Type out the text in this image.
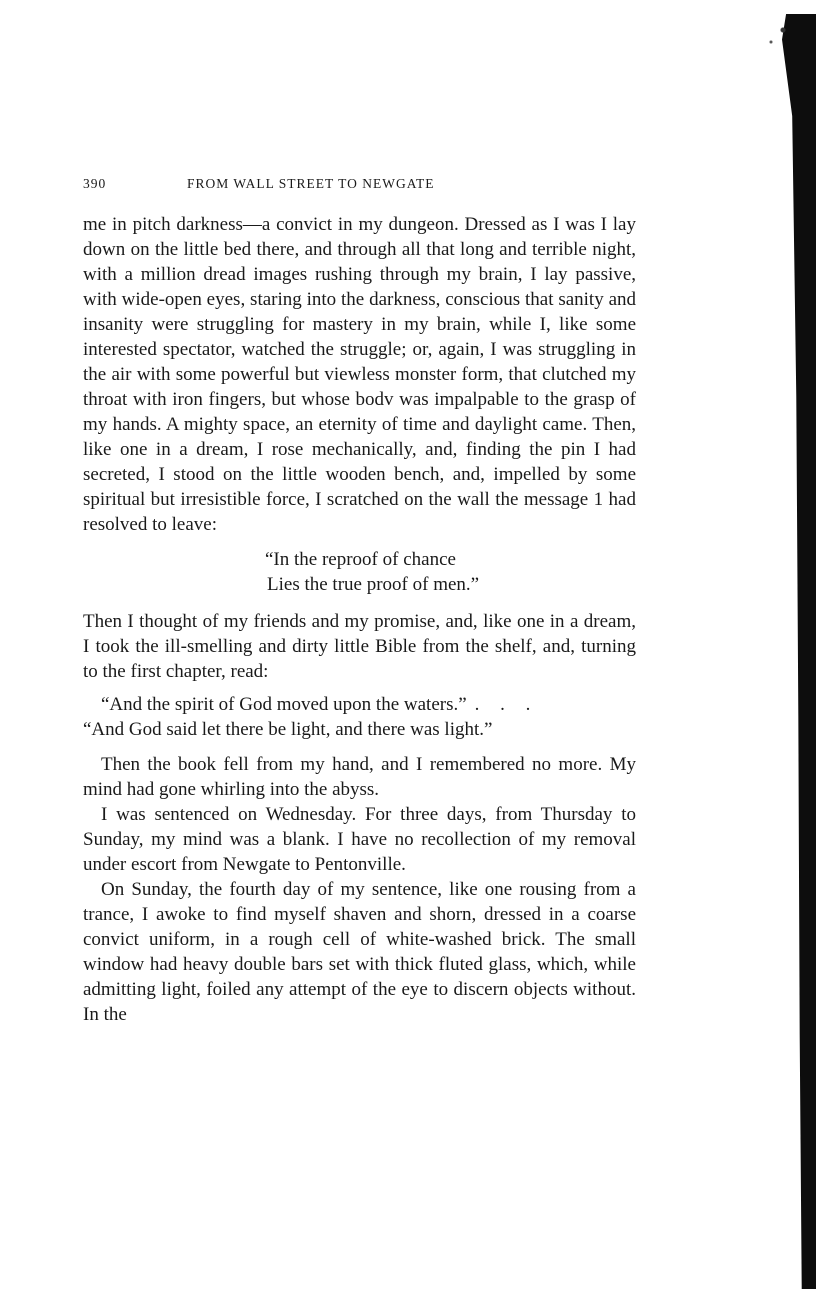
390	FROM WALL STREET TO NEWGATE

me in pitch darkness—a convict in my dungeon. Dressed as I was I lay down on the little bed there, and through all that long and terrible night, with a million dread images rushing through my brain, I lay passive, with wide-open eyes, staring into the darkness, conscious that sanity and insanity were struggling for mastery in my brain, while I, like some interested spectator, watched the struggle; or, again, I was struggling in the air with some powerful but viewless monster form, that clutched my throat with iron fingers, but whose bodv was impalpable to the grasp of my hands. A mighty space, an eternity of time and daylight came. Then, like one in a dream, I rose mechanically, and, finding the pin I had secreted, I stood on the little wooden bench, and, impelled by some spiritual but irresistible force, I scratched on the wall the message 1 had resolved to leave:

“In the reproof of chance
Lies the true proof of men.”

Then I thought of my friends and my promise, and, like one in a dream, I took the ill-smelling and dirty little Bible from the shelf, and, turning to the first chapter, read:

“And the spirit of God moved upon the waters.” . . .
“And God said let there be light, and there was light.”

Then the book fell from my hand, and I remembered no more. My mind had gone whirling into the abyss.

I was sentenced on Wednesday. For three days, from Thursday to Sunday, my mind was a blank. I have no recollection of my removal under escort from Newgate to Pentonville.

On Sunday, the fourth day of my sentence, like one rousing from a trance, I awoke to find myself shaven and shorn, dressed in a coarse convict uniform, in a rough cell of white-washed brick. The small window had heavy double bars set with thick fluted glass, which, while admitting light, foiled any attempt of the eye to discern objects without. In the
